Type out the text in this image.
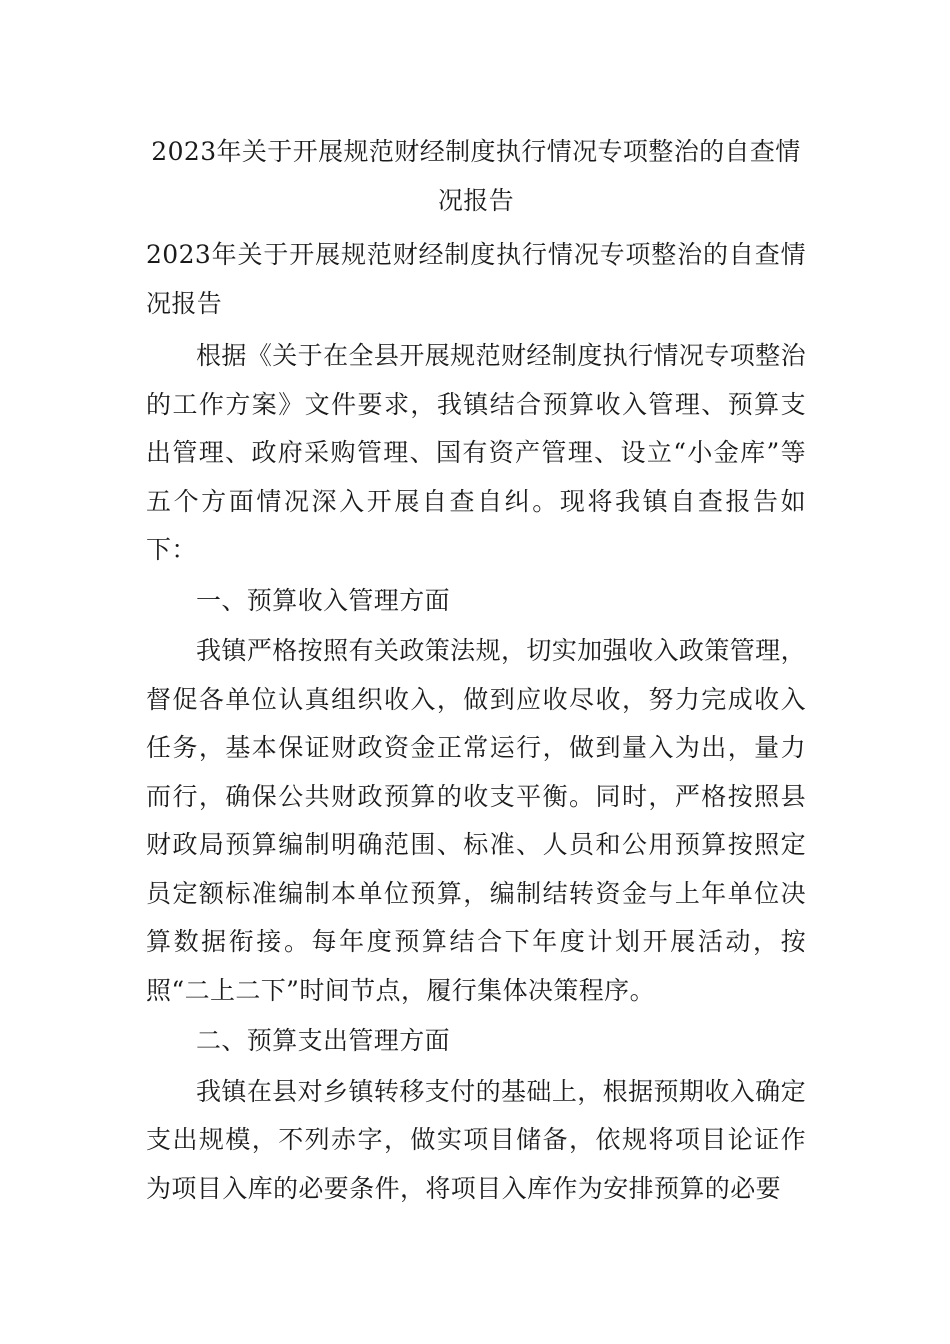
2023年关于开展规范财经制度执行情况专项整治的自查情况报告
2023年关于开展规范财经制度执行情况专项整治的自查情况报告

根据《关于在全县开展规范财经制度执行情况专项整治的工作方案》文件要求，我镇结合预算收入管理、预算支出管理、政府采购管理、国有资产管理、设立“小金库”等五个方面情况深入开展自查自纠。现将我镇自查报告如下：

一、预算收入管理方面

我镇严格按照有关政策法规，切实加强收入政策管理，督促各单位认真组织收入，做到应收尽收，努力完成收入任务，基本保证财政资金正常运行，做到量入为出，量力而行，确保公共财政预算的收支平衡。同时，严格按照县财政局预算编制明确范围、标准、人员和公用预算按照定员定额标准编制本单位预算，编制结转资金与上年单位决算数据衔接。每年度预算结合下年度计划开展活动，按照“二上二下”时间节点，履行集体决策程序。

二、预算支出管理方面

我镇在县对乡镇转移支付的基础上，根据预期收入确定支出规模，不列赤字，做实项目储备，依规将项目论证作为项目入库的必要条件，将项目入库作为安排预算的必要
